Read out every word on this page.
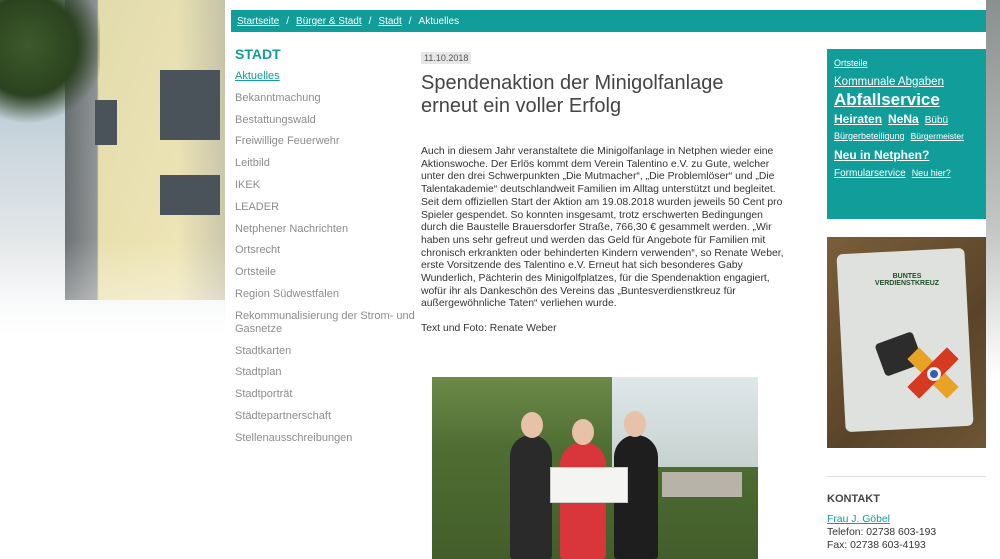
Startseite / Bürger & Stadt / Stadt / Aktuelles
STADT
Aktuelles
Bekanntmachung
Bestattungswald
Freiwillige Feuerwehr
Leitbild
IKEK
LEADER
Netphener Nachrichten
Ortsrecht
Ortsteile
Region Südwestfalen
Rekommunalisierung der Strom- und Gasnetze
Stadtkarten
Stadtplan
Stadtporträt
Städtepartnerschaft
Stellenausschreibungen
11.10.2018
Spendenaktion der Minigolfanlage erneut ein voller Erfolg

Auch in diesem Jahr veranstaltete die Minigolfanlage in Netphen wieder eine Aktionswoche. Der Erlös kommt dem Verein Talentino e.V. zu Gute, welcher unter den drei Schwerpunkten „Die Mutmacher“, „Die Problemlöser“ und „Die Talentakademie“ deutschlandweit Familien im Alltag unterstützt und begleitet. Seit dem offiziellen Start der Aktion am 19.08.2018 wurden jeweils 50 Cent pro Spieler gespendet. So konnten insgesamt, trotz erschwerten Bedingungen durch die Baustelle Brauersdorfer Straße, 766,30 € gesammelt werden. „Wir haben uns sehr gefreut und werden das Geld für Angebote für Familien mit chronisch erkrankten oder behinderten Kindern verwenden“, so Renate Weber, erste Vorsitzende des Talentino e.V. Erneut hat sich besonderes Gaby Wunderlich, Pächterin des Minigolfplatzes, für die Spendenaktion engagiert, wofür ihr als Dankeschön des Vereins das „Buntesverdienstkreuz für außergewöhnliche Taten“ verliehen wurde.

Text und Foto: Renate Weber

Ortsteile
Kommunale Abgaben
Abfallservice
Heiraten NeNa Bübü
Bürgerbeteiligung Bürgermeister
Neu in Netphen?
Formularservice Neu hier?
BUNTES VERDIENSTKREUZ
KONTAKT
Frau J. Göbel
Telefon: 02738 603-193
Fax: 02738 603-4193
